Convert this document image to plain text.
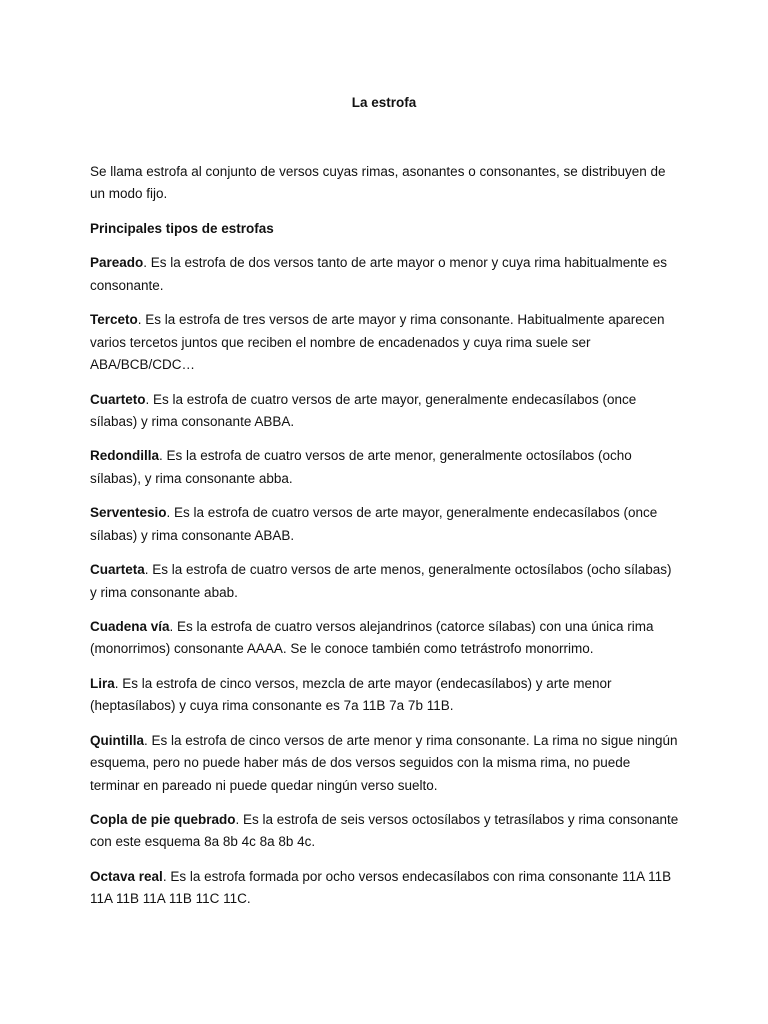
La estrofa

Se llama estrofa al conjunto de versos cuyas rimas, asonantes o consonantes, se distribuyen de un modo fijo.

Principales tipos de estrofas

Pareado. Es la estrofa de dos versos tanto de arte mayor o menor y cuya rima habitualmente es consonante.

Terceto. Es la estrofa de tres versos de arte mayor y rima consonante. Habitualmente aparecen varios tercetos juntos que reciben el nombre de encadenados y cuya rima suele ser ABA/BCB/CDC…

Cuarteto. Es la estrofa de cuatro versos de arte mayor, generalmente endecasílabos (once sílabas) y rima consonante ABBA.

Redondilla. Es la estrofa de cuatro versos de arte menor, generalmente octosílabos (ocho sílabas), y rima consonante abba.

Serventesio. Es la estrofa de cuatro versos de arte mayor, generalmente endecasílabos (once sílabas) y rima consonante ABAB.

Cuarteta. Es la estrofa de cuatro versos de arte menos, generalmente octosílabos (ocho sílabas) y rima consonante abab.

Cuadena vía. Es la estrofa de cuatro versos alejandrinos (catorce sílabas) con una única rima (monorrimos) consonante AAAA. Se le conoce también como tetrástrofo monorrimo.

Lira. Es la estrofa de cinco versos, mezcla de arte mayor (endecasílabos) y arte menor (heptasílabos) y cuya rima consonante es 7a 11B 7a 7b 11B.

Quintilla. Es la estrofa de cinco versos de arte menor y rima consonante. La rima no sigue ningún esquema, pero no puede haber más de dos versos seguidos con la misma rima, no puede terminar en pareado ni puede quedar ningún verso suelto.

Copla de pie quebrado. Es la estrofa de seis versos octosílabos y tetrasílabos y rima consonante con este esquema 8a 8b 4c 8a 8b 4c.

Octava real. Es la estrofa formada por ocho versos endecasílabos con rima consonante 11A 11B 11A 11B 11A 11B 11C 11C.
